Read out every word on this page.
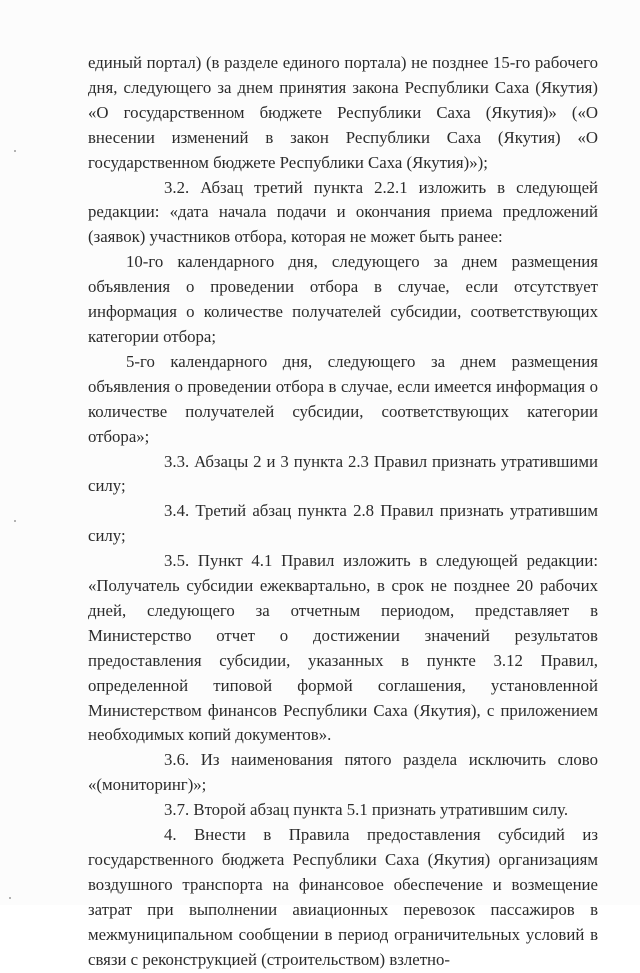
единый портал) (в разделе единого портала) не позднее 15-го рабочего дня, следующего за днем принятия закона Республики Саха (Якутия) «О государственном бюджете Республики Саха (Якутия)» («О внесении изменений в закон Республики Саха (Якутия) «О государственном бюджете Республики Саха (Якутия)»);

3.2. Абзац третий пункта 2.2.1 изложить в следующей редакции: «дата начала подачи и окончания приема предложений (заявок) участников отбора, которая не может быть ранее:

10-го календарного дня, следующего за днем размещения объявления о проведении отбора в случае, если отсутствует информация о количестве получателей субсидии, соответствующих категории отбора;

5-го календарного дня, следующего за днем размещения объявления о проведении отбора в случае, если имеется информация о количестве получателей субсидии, соответствующих категории отбора»;

3.3. Абзацы 2 и 3 пункта 2.3 Правил признать утратившими силу;

3.4. Третий абзац пункта 2.8 Правил признать утратившим силу;

3.5. Пункт 4.1 Правил изложить в следующей редакции: «Получатель субсидии ежеквартально, в срок не позднее 20 рабочих дней, следующего за отчетным периодом, представляет в Министерство отчет о достижении значений результатов предоставления субсидии, указанных в пункте 3.12 Правил, определенной типовой формой соглашения, установленной Министерством финансов Республики Саха (Якутия), с приложением необходимых копий документов».

3.6. Из наименования пятого раздела исключить слово «(мониторинг)»;

3.7. Второй абзац пункта 5.1 признать утратившим силу.

4. Внести в Правила предоставления субсидий из государственного бюджета Республики Саха (Якутия) организациям воздушного транспорта на финансовое обеспечение и возмещение затрат при выполнении авиационных перевозок пассажиров в межмуниципальном сообщении в период ограничительных условий в связи с реконструкцией (строительством) взлетно-
